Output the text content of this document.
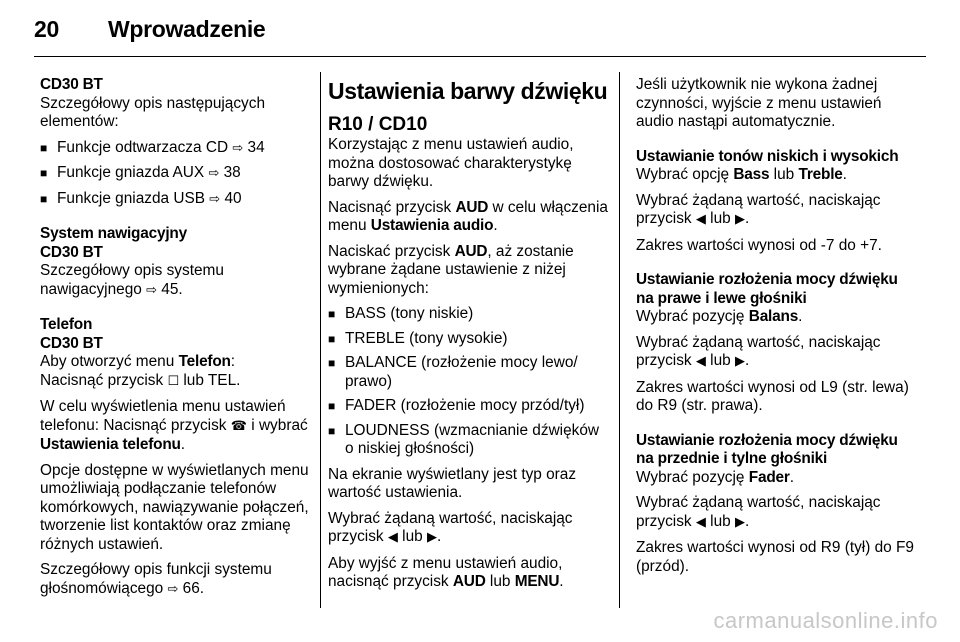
20 Wprowadzenie
CD30 BT

Szczegółowy opis następujących elementów:

■ Funkcje odtwarzacza CD ⇨ 34
■ Funkcje gniazda AUX ⇨ 38
■ Funkcje gniazda USB ⇨ 40
System nawigacyjny
CD30 BT

Szczegółowy opis systemu nawigacyjnego ⇨ 45.

Telefon
CD30 BT

Aby otworzyć menu Telefon:
Nacisnąć przycisk ☐ lub TEL.

W celu wyświetlenia menu ustawień telefonu: Nacisnąć przycisk ☎ i wybrać Ustawienia telefonu.

Opcje dostępne w wyświetlanych menu umożliwiają podłączanie telefonów komórkowych, nawiązywanie połączeń, tworzenie list kontaktów oraz zmianę różnych ustawień.

Szczegółowy opis funkcji systemu głośnomówiącego ⇨ 66.

Ustawienia barwy dźwięku
R10 / CD10

Korzystając z menu ustawień audio, można dostosować charakterystykę barwy dźwięku.

Nacisnąć przycisk AUD w celu włączenia menu Ustawienia audio.

Naciskać przycisk AUD, aż zostanie wybrane żądane ustawienie z niżej wymienionych:

■ BASS (tony niskie)
■ TREBLE (tony wysokie)
■ BALANCE (rozłożenie mocy lewo/ prawo)
■ FADER (rozłożenie mocy przód/tył)
■ LOUDNESS (wzmacnianie dźwięków o niskiej głośności)

Na ekranie wyświetlany jest typ oraz wartość ustawienia.

Wybrać żądaną wartość, naciskając przycisk ◀ lub ▶.

Aby wyjść z menu ustawień audio, nacisnąć przycisk AUD lub MENU.

Jeśli użytkownik nie wykona żadnej czynności, wyjście z menu ustawień audio nastąpi automatycznie.

Ustawianie tonów niskich i wysokich

Wybrać opcję Bass lub Treble.

Wybrać żądaną wartość, naciskając przycisk ◀ lub ▶.

Zakres wartości wynosi od -7 do +7.

Ustawianie rozłożenia mocy dźwięku na prawe i lewe głośniki

Wybrać pozycję Balans.

Wybrać żądaną wartość, naciskając przycisk ◀ lub ▶.

Zakres wartości wynosi od L9 (str. lewa) do R9 (str. prawa).

Ustawianie rozłożenia mocy dźwięku na przednie i tylne głośniki

Wybrać pozycję Fader.

Wybrać żądaną wartość, naciskając przycisk ◀ lub ▶.

Zakres wartości wynosi od R9 (tył) do F9 (przód).

carmanualsonline.info
